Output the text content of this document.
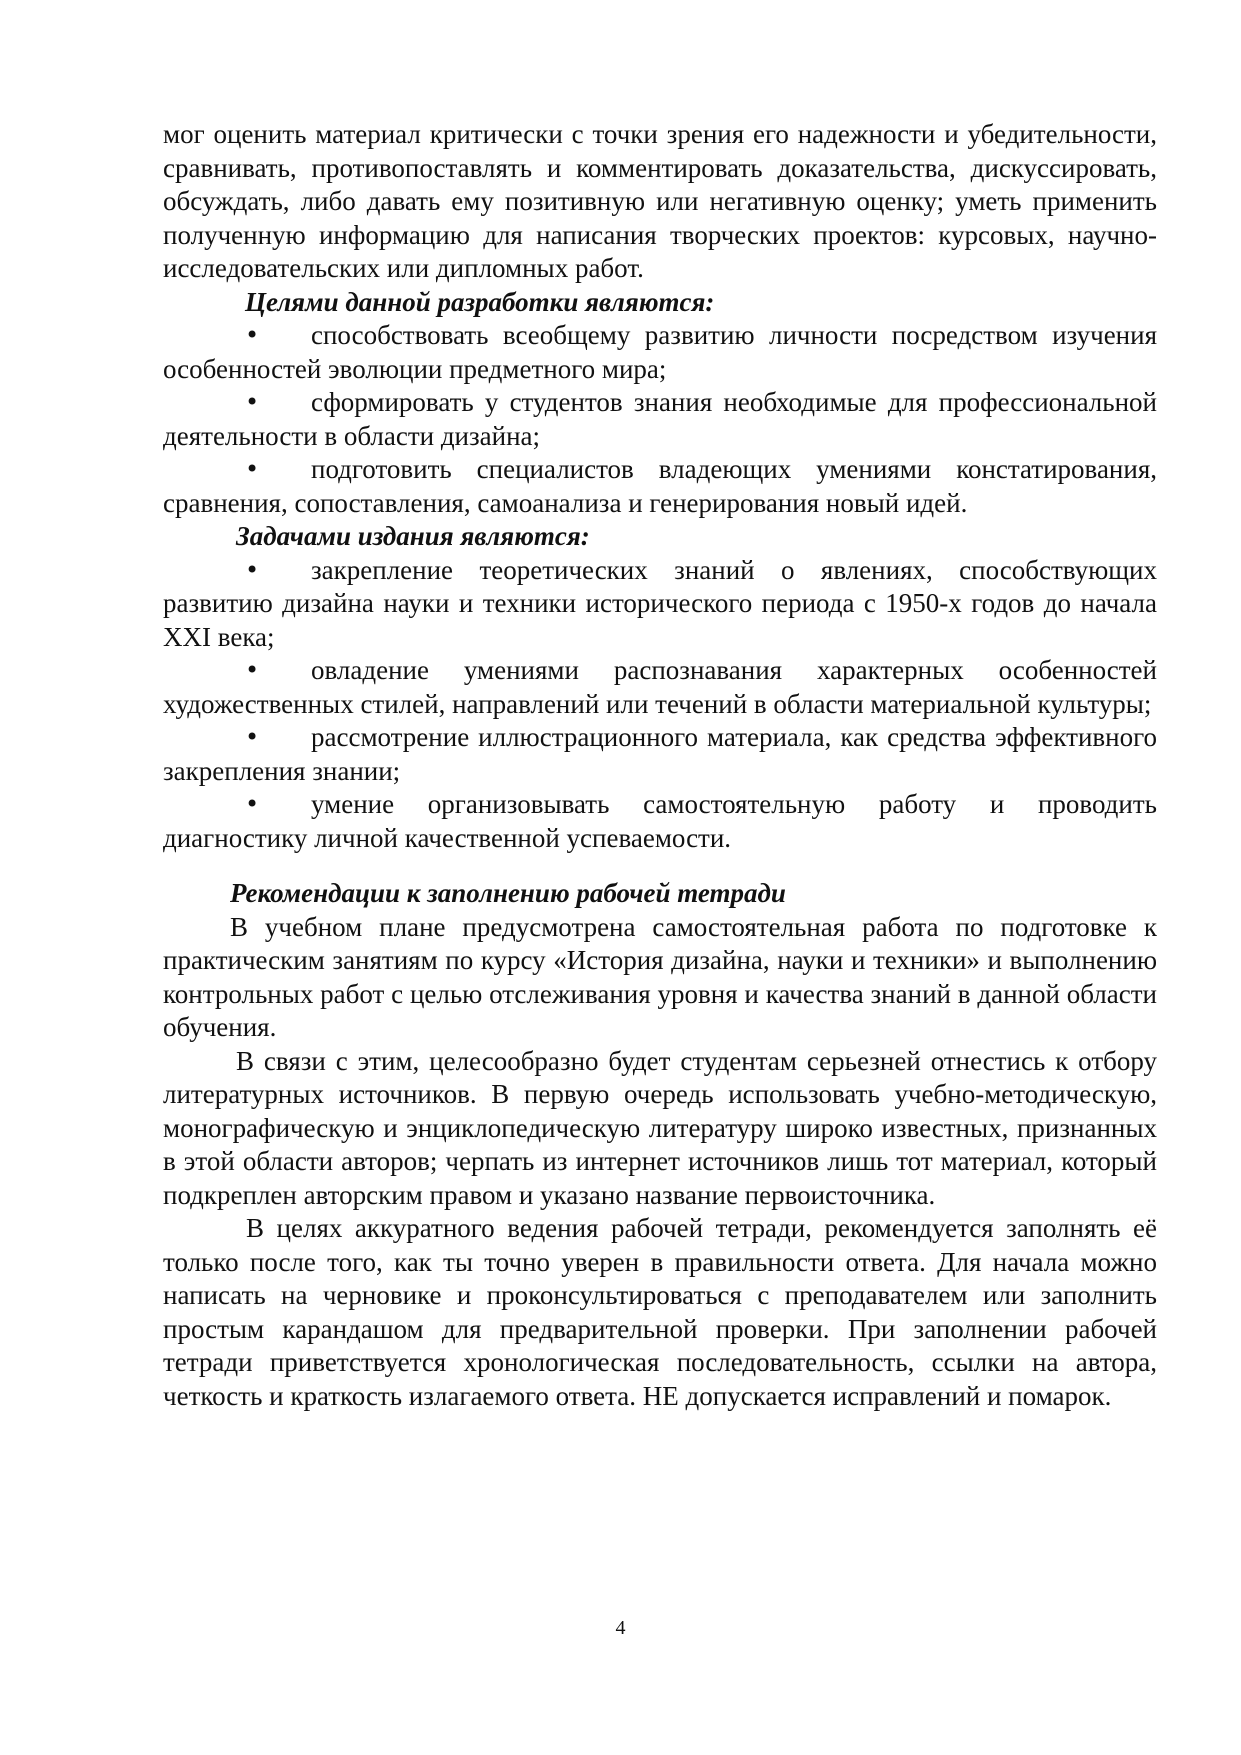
мог оценить материал критически с точки зрения его надежности и убедительности, сравнивать, противопоставлять и комментировать доказательства, дискуссировать, обсуждать, либо давать ему позитивную или негативную оценку; уметь применить полученную информацию для написания творческих проектов: курсовых, научно-исследовательских или дипломных работ.

Целями данной разработки являются:

• способствовать всеобщему развитию личности посредством изучения особенностей эволюции предметного мира;

• сформировать у студентов знания необходимые для профессиональной деятельности в области дизайна;

• подготовить специалистов владеющих умениями констатирования, сравнения, сопоставления, самоанализа и генерирования новый идей.

Задачами издания являются:

• закрепление теоретических знаний о явлениях, способствующих развитию дизайна науки и техники исторического периода с 1950-х годов до начала XXI века;

• овладение умениями распознавания характерных особенностей художественных стилей, направлений или течений в области материальной культуры;

• рассмотрение иллюстрационного материала, как средства эффективного закрепления знании;

• умение организовывать самостоятельную работу и проводить диагностику личной качественной успеваемости.

Рекомендации к заполнению рабочей тетради

В учебном плане предусмотрена самостоятельная работа по подготовке к практическим занятиям по курсу «История дизайна, науки и техники» и выполнению контрольных работ с целью отслеживания уровня и качества знаний в данной области обучения.

В связи с этим, целесообразно будет студентам серьезней отнестись к отбору литературных источников. В первую очередь использовать учебно-методическую, монографическую и энциклопедическую литературу широко известных, признанных в этой области авторов; черпать из интернет источников лишь тот материал, который подкреплен авторским правом и указано название первоисточника.

В целях аккуратного ведения рабочей тетради, рекомендуется заполнять её только после того, как ты точно уверен в правильности ответа. Для начала можно написать на черновике и проконсультироваться с преподавателем или заполнить простым карандашом для предварительной проверки. При заполнении рабочей тетради приветствуется хронологическая последовательность, ссылки на автора, четкость и краткость излагаемого ответа. НЕ допускается исправлений и помарок.

4
